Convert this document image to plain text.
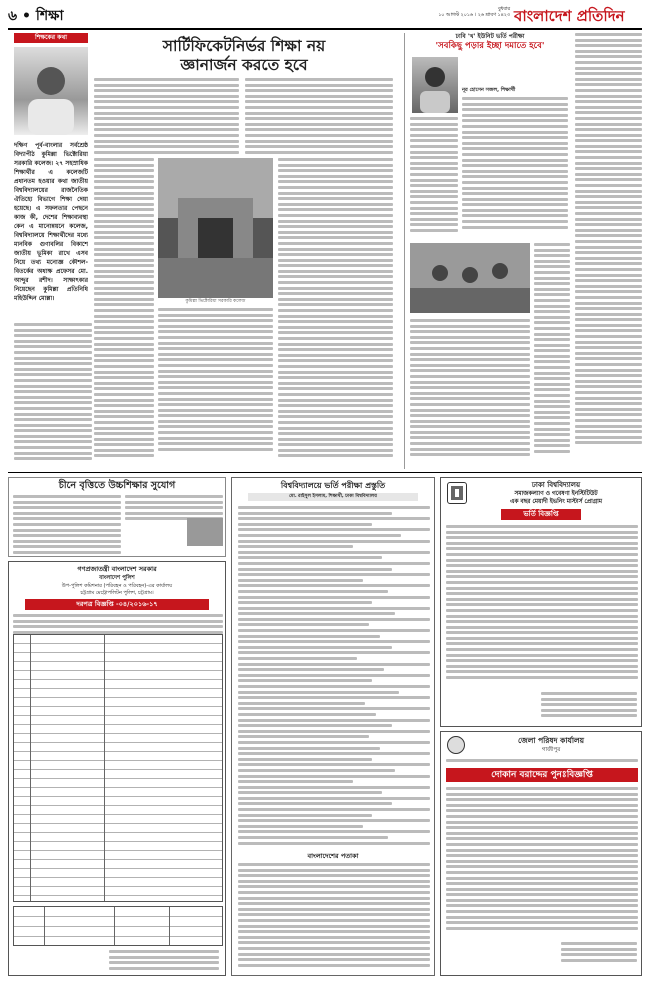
৬ • শিক্ষা	বুধবার
১০ আগস্ট ২০১৬ । ২৬ শ্রাবণ ১৪২৩ বাংলাদেশ প্রতিদিন
শিক্ষকের কথা	সার্টিফিকেটনির্ভর শিক্ষা নয়
জ্ঞানার্জন করতে হবে
দক্ষিণ পূর্ব-বাংলার সর্বশ্রেষ্ঠ বিদ্যাপীঠ কুমিল্লা ভিক্টোরিয়া সরকারি কলেজ। ২৭ সহস্রাধিক শিক্ষার্থীর এ কলেজটি প্রধানতম হওয়ার কথা জাতীয় বিশ্ববিদ্যালয়ের রাজনৈতিক ঐতিহ্যে বিভাগে শিক্ষা দেয়া হয়েছে। এ সফলতার পেছনে কাজ কী, দেশের শিক্ষাব্যবস্থা কেন এ মানোন্নয়নে কলেজ, বিশ্ববিদ্যালয়ে শিক্ষার্থীদের মধ্যে মানবিক গুণাবলির বিকাশে জাতীয় ভূমিকা রাখে এসব নিয়ে তথ্য মনোজ্ঞ কৌশল-বিতর্কের অধ্যক্ষ প্রফেসর মো. আব্দুর রশীদ। সাক্ষাৎকার নিয়েছেন কুমিল্লা প্রতিনিধি মহিউদ্দিন মোল্লা।	কুমিল্লা ভিক্টোরিয়া সরকারি কলেজ
ঢাবি 'খ' ইউনিট ভর্তি পরীক্ষা
'সবকিছু পড়ার ইচ্ছা দমাতে হবে'
নূর হোসেন সজল, শিক্ষার্থী
চীনে বৃত্তিতে উচ্চশিক্ষার সুযোগ
গণপ্রজাতন্ত্রী বাংলাদেশ সরকার
বাংলাদেশ পুলিশ
উপ-পুলিশ কমিশনার (পরিবহন ও পরিবহন)-এর কার্যালয়
চট্টগ্রাম মেট্রোপলিটন পুলিশ, চট্টগ্রাম।
দরপত্র বিজ্ঞপ্তি -০৪/২০১৬-১৭
বিশ্ববিদ্যালয়ে ভর্তি পরীক্ষা প্রস্তুতি
মো. রাইসুল ইসলাম, শিক্ষার্থী, ঢাকা বিশ্ববিদ্যালয়
বাংলাদেশের পতাকা
ঢাকা বিশ্ববিদ্যালয়
সমাজকল্যাণ ও গবেষণা ইনস্টিটিউট
এক বছর মেয়াদী ইভনিং মাস্টার্স প্রোগ্রাম
ভর্তি বিজ্ঞপ্তি
জেলা পরিষদ কার্যালয়
গাজীপুর
দোকান বরাদ্দের পুনঃবিজ্ঞপ্তি
